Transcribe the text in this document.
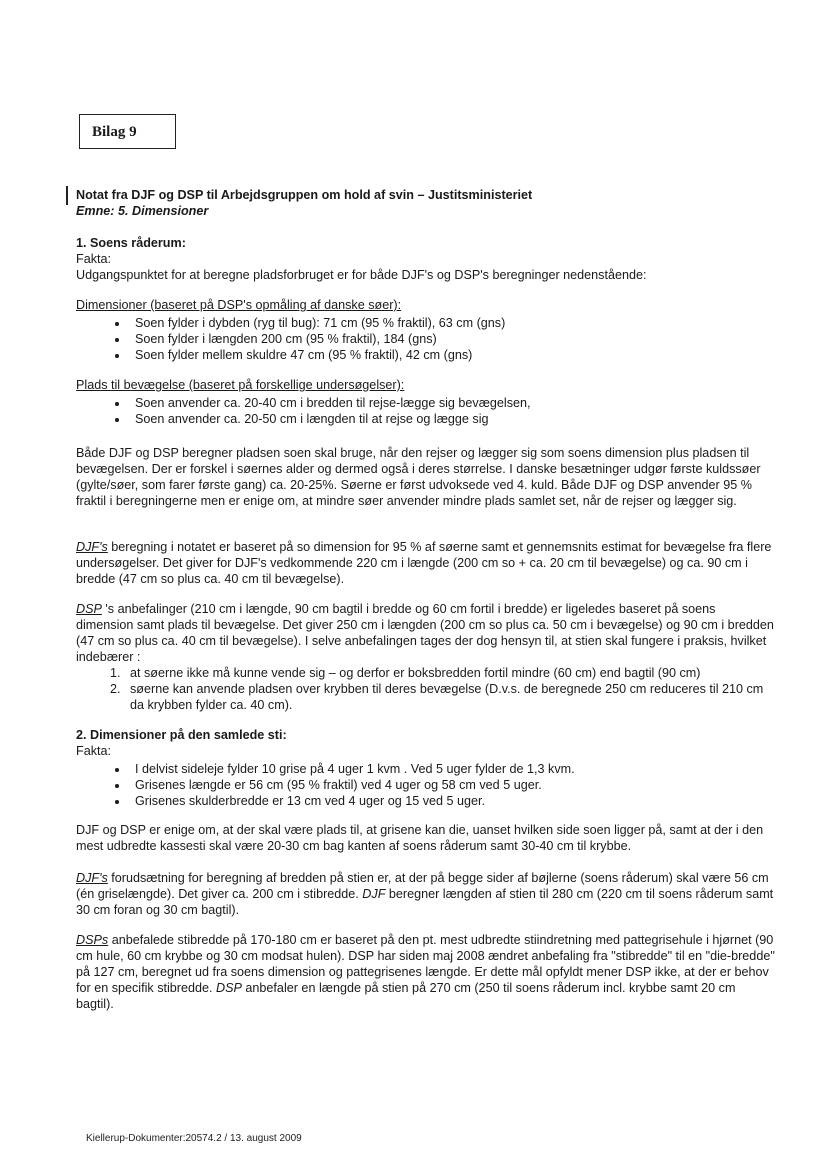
Bilag 9
Notat fra DJF og DSP til Arbejdsgruppen om hold af svin – Justitsministeriet
Emne: 5. Dimensioner
1. Soens råderum:
Fakta:
Udgangspunktet for at beregne pladsforbruget er for både DJF's og DSP's beregninger nedenstående:
Dimensioner (baseret på DSP's opmåling af danske søer):
• Soen fylder i dybden (ryg til bug): 71 cm (95 % fraktil), 63 cm (gns)
• Soen fylder i længden 200 cm (95 % fraktil), 184 (gns)
• Soen fylder mellem skuldre 47 cm (95 % fraktil), 42 cm (gns)
Plads til bevægelse (baseret på forskellige undersøgelser):
• Soen anvender ca. 20-40 cm i bredden til rejse-lægge sig bevægelsen,
• Soen anvender ca. 20-50 cm i længden til at rejse og lægge sig

Både DJF og DSP beregner pladsen soen skal bruge, når den rejser og lægger sig som soens dimension plus pladsen til bevægelsen. Der er forskel i søernes alder og dermed også i deres størrelse. I danske besætninger udgør første kuldssøer (gylte/søer, som farer første gang) ca. 20-25%. Søerne er først udvoksede ved 4. kuld. Både DJF og DSP anvender 95 % fraktil i beregningerne men er enige om, at mindre søer anvender mindre plads samlet set, når de rejser og lægger sig.

DJF's beregning i notatet er baseret på so dimension for 95 % af søerne samt et gennemsnits estimat for bevægelse fra flere undersøgelser. Det giver for DJF's vedkommende 220 cm i længde (200 cm so + ca. 20 cm til bevægelse) og ca. 90 cm i bredde (47 cm so plus ca. 40 cm til bevægelse).

DSP 's anbefalinger (210 cm i længde, 90 cm bagtil i bredde og 60 cm fortil i bredde) er ligeledes baseret på soens dimension samt plads til bevægelse. Det giver 250 cm i længden (200 cm so plus ca. 50 cm i bevægelse) og 90 cm i bredden (47 cm so plus ca. 40 cm til bevægelse). I selve anbefalingen tages der dog hensyn til, at stien skal fungere i praksis, hvilket indebærer :

1. at søerne ikke må kunne vende sig – og derfor er boksbredden fortil mindre (60 cm) end bagtil (90 cm)
2. søerne kan anvende pladsen over krybben til deres bevægelse (D.v.s. de beregnede 250 cm reduceres til 210 cm da krybben fylder ca. 40 cm).
2. Dimensioner på den samlede sti:
Fakta:
• I delvist sideleje fylder 10 grise på 4 uger 1 kvm . Ved 5 uger fylder de 1,3 kvm.
• Grisenes længde er 56 cm (95 % fraktil) ved 4 uger og 58 cm ved 5 uger.
• Grisenes skulderbredde er 13 cm ved 4 uger og 15 ved 5 uger.

DJF og DSP er enige om, at der skal være plads til, at grisene kan die, uanset hvilken side soen ligger på, samt at der i den mest udbredte kassesti skal være 20-30 cm bag kanten af soens råderum samt 30-40 cm til krybbe.

DJF's forudsætning for beregning af bredden på stien er, at der på begge sider af bøjlerne (soens råderum) skal være 56 cm (én griselængde). Det giver ca. 200 cm i stibredde. DJF beregner længden af stien til 280 cm (220 cm til soens råderum samt 30 cm foran og 30 cm bagtil).

DSPs anbefalede stibredde på 170-180 cm er baseret på den pt. mest udbredte stiindretning med pattegrisehule i hjørnet (90 cm hule, 60 cm krybbe og 30 cm modsat hulen). DSP har siden maj 2008 ændret anbefaling fra "stibredde" til en "die-bredde" på 127 cm, beregnet ud fra soens dimension og pattegrisenes længde. Er dette mål opfyldt mener DSP ikke, at der er behov for en specifik stibredde. DSP anbefaler en længde på stien på 270 cm (250 til soens råderum incl. krybbe samt 20 cm bagtil).

Kiellerup-Dokumenter:20574.2 / 13. august 2009
